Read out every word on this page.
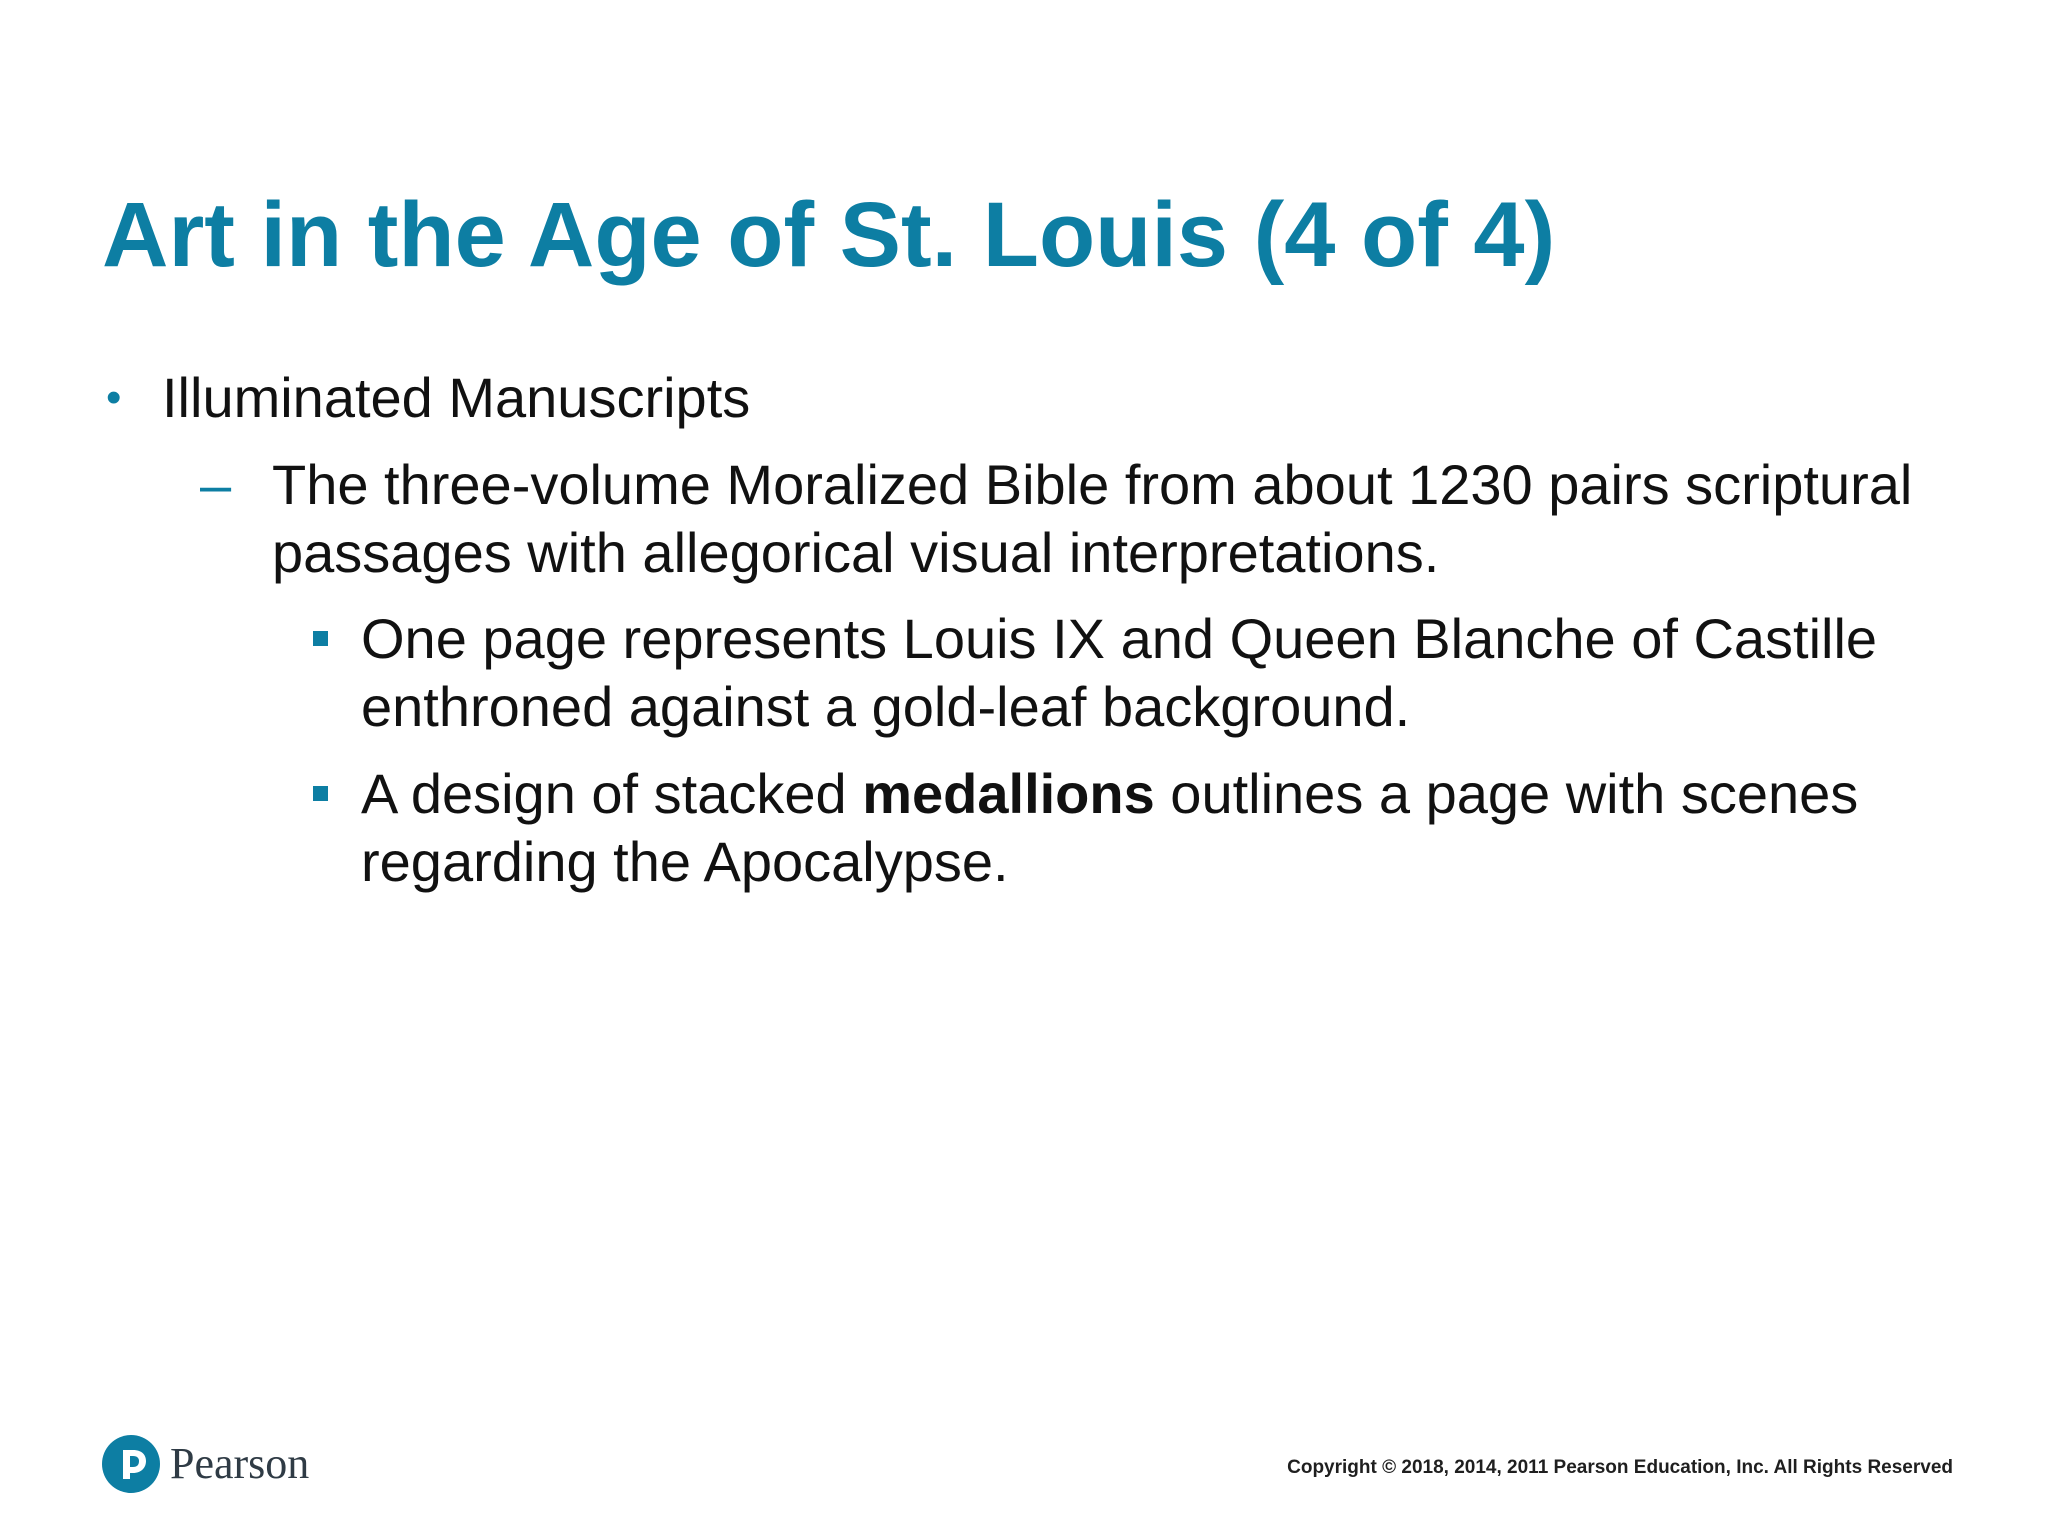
Art in the Age of St. Louis (4 of 4)
• Illuminated Manuscripts
– The three-volume Moralized Bible from about 1230 pairs scriptural passages with allegorical visual interpretations.
One page represents Louis IX and Queen Blanche of Castille enthroned against a gold-leaf background.
A design of stacked medallions outlines a page with scenes regarding the Apocalypse.
Pearson	Copyright © 2018, 2014, 2011 Pearson Education, Inc. All Rights Reserved
